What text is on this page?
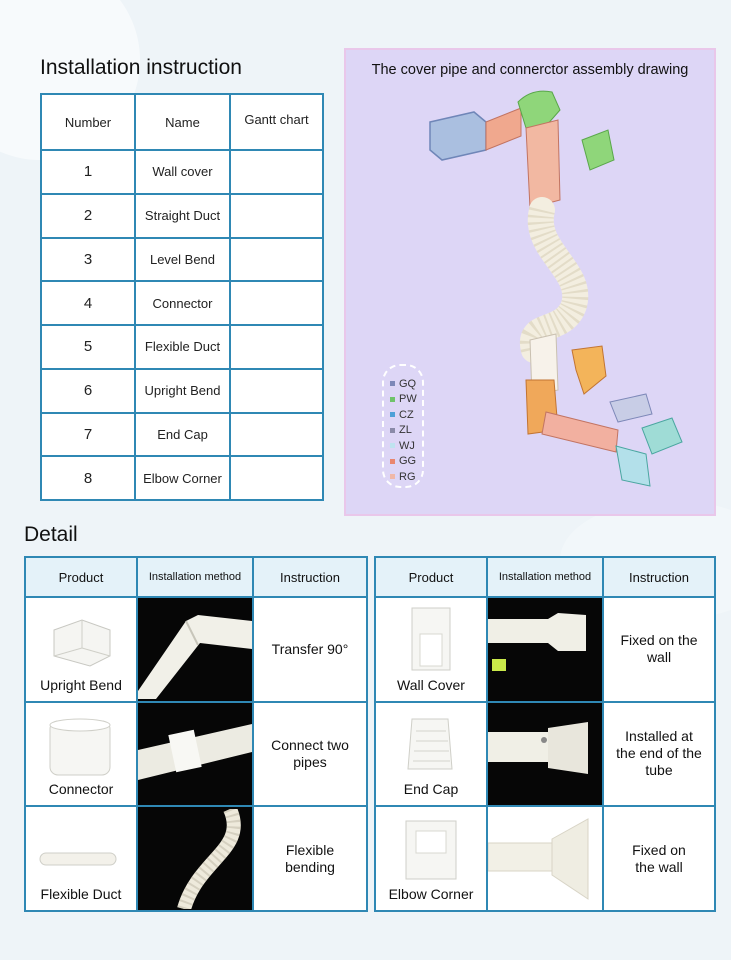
Installation instruction
Number	Name	Gantt chart
1	Wall cover	
2	Straight Duct	
3	Level Bend	
4	Connector	
5	Flexible Duct	
6	Upright Bend	
7	End Cap	
8	Elbow Corner	
The cover pipe and connerctor assembly drawing
GQ
PW
CZ
ZL
WJ
GG
RG
Detail
Product	Installation method	Instruction

Upright Bend		Transfer 90°

Connector		Connect two
pipes

Flexible Duct		Flexible
bending
Product	Installation method	Instruction

Wall Cover		Fixed on the
wall

End Cap		Installed at
the end of the
tube

Elbow Corner		Fixed on
the wall
